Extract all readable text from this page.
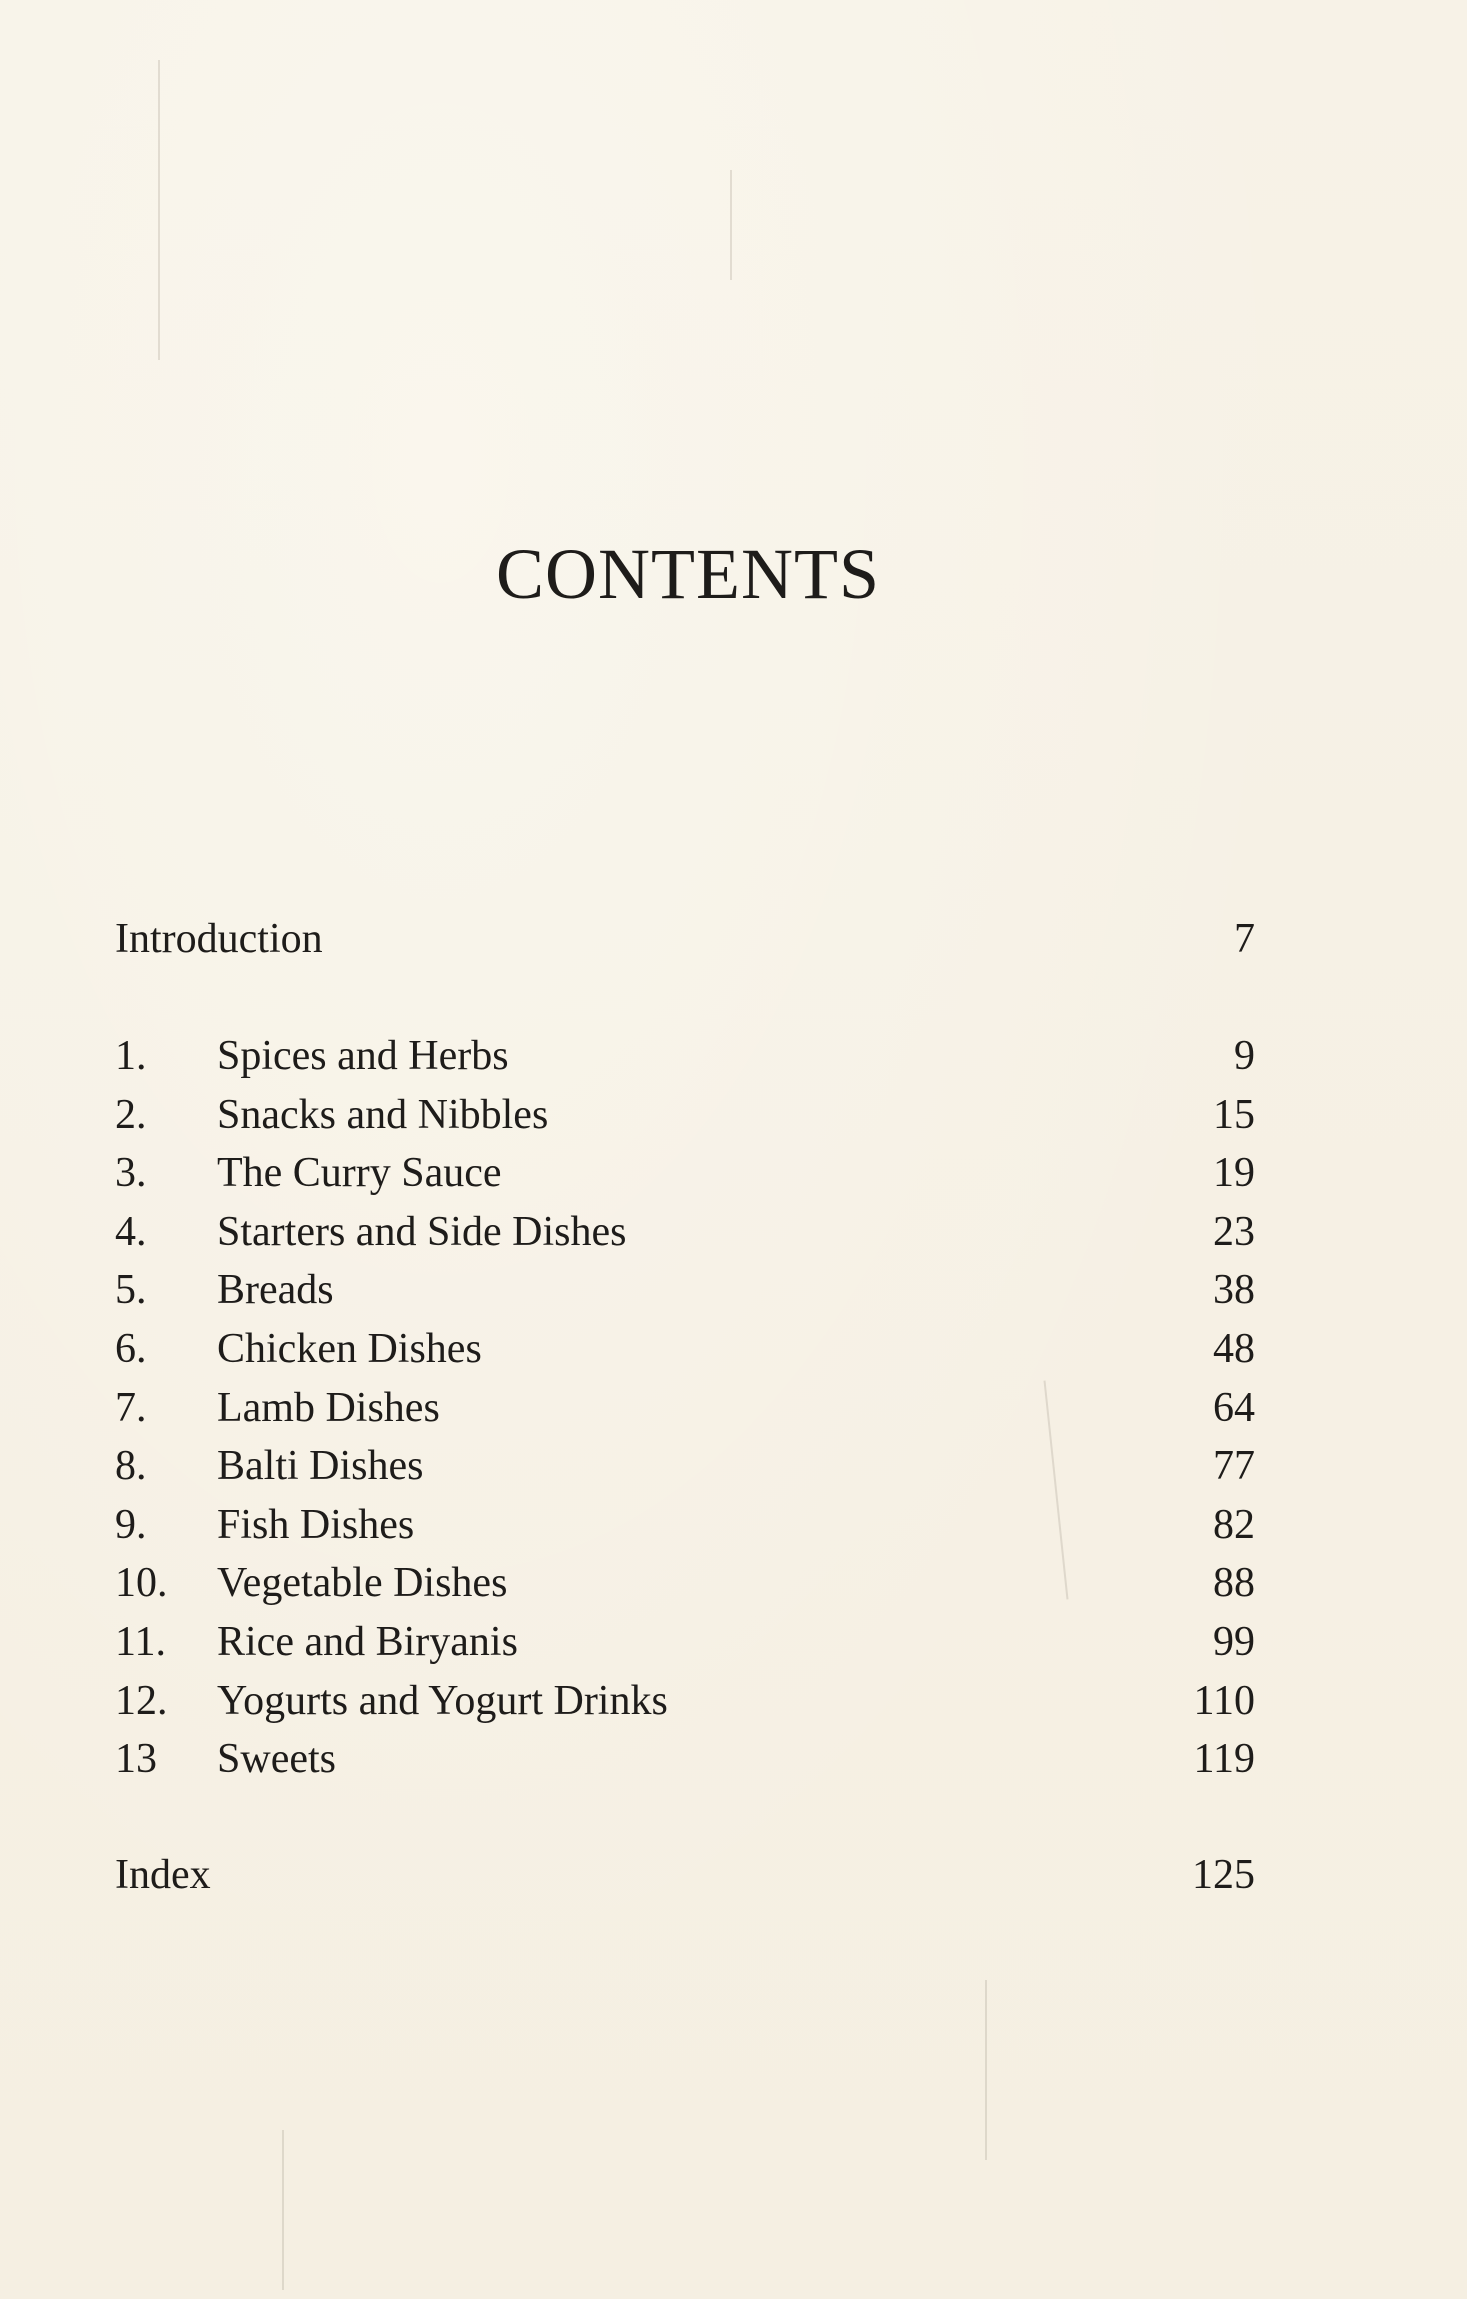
CONTENTS
Introduction	7
1. Spices and Herbs	9
2. Snacks and Nibbles	15
3. The Curry Sauce	19
4. Starters and Side Dishes	23
5. Breads	38
6. Chicken Dishes	48
7. Lamb Dishes	64
8. Balti Dishes	77
9. Fish Dishes	82
10. Vegetable Dishes	88
11. Rice and Biryanis	99
12. Yogurts and Yogurt Drinks	110
13 Sweets	119
Index	125
